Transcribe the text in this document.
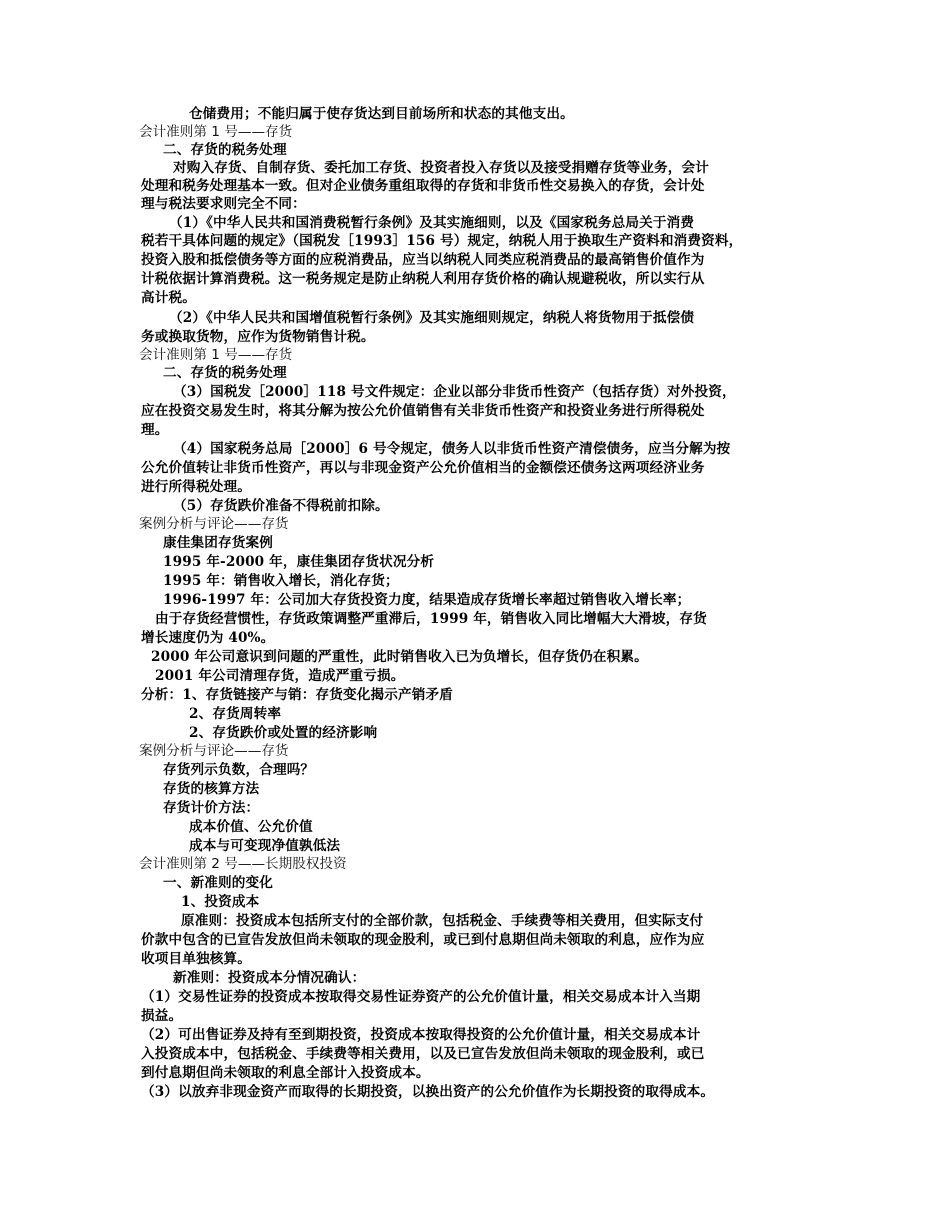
仓储费用；不能归属于使存货达到目前场所和状态的其他支出。
会计准则第 1 号——存货
二、存货的税务处理
对购入存货、自制存货、委托加工存货、投资者投入存货以及接受捐赠存货等业务，会计
处理和税务处理基本一致。但对企业债务重组取得的存货和非货币性交易换入的存货，会计处
理与税法要求则完全不同：
（1）《中华人民共和国消费税暂行条例》及其实施细则，以及《国家税务总局关于消费
税若干具体问题的规定》（国税发［1993］156 号）规定，纳税人用于换取生产资料和消费资料，
投资入股和抵偿债务等方面的应税消费品，应当以纳税人同类应税消费品的最高销售价值作为
计税依据计算消费税。这一税务规定是防止纳税人利用存货价格的确认规避税收，所以实行从
高计税。
（2）《中华人民共和国增值税暂行条例》及其实施细则规定，纳税人将货物用于抵偿债
务或换取货物，应作为货物销售计税。
会计准则第 1 号——存货
二、存货的税务处理
（3）国税发［2000］118 号文件规定：企业以部分非货币性资产（包括存货）对外投资，
应在投资交易发生时，将其分解为按公允价值销售有关非货币性资产和投资业务进行所得税处
理。
（4）国家税务总局［2000］6 号令规定，债务人以非货币性资产清偿债务，应当分解为按
公允价值转让非货币性资产，再以与非现金资产公允价值相当的金额偿还债务这两项经济业务
进行所得税处理。
（5）存货跌价准备不得税前扣除。
案例分析与评论——存货
康佳集团存货案例
1995 年-2000 年，康佳集团存货状况分析
1995 年：销售收入增长，消化存货；
1996-1997 年：公司加大存货投资力度，结果造成存货增长率超过销售收入增长率；
由于存货经营惯性，存货政策调整严重滞后，1999 年，销售收入同比增幅大大滑坡，存货
增长速度仍为 40%。
2000 年公司意识到问题的严重性，此时销售收入已为负增长，但存货仍在积累。
2001 年公司清理存货，造成严重亏损。
分析：1、存货链接产与销：存货变化揭示产销矛盾
2、存货周转率
2、存货跌价或处置的经济影响
案例分析与评论——存货
存货列示负数，合理吗？
存货的核算方法
存货计价方法：
成本价值、公允价值
成本与可变现净值孰低法
会计准则第 2 号——长期股权投资
一、新准则的变化
1、投资成本
原准则：投资成本包括所支付的全部价款，包括税金、手续费等相关费用，但实际支付
价款中包含的已宣告发放但尚未领取的现金股利，或已到付息期但尚未领取的利息，应作为应
收项目单独核算。
新准则：投资成本分情况确认：
（1）交易性证券的投资成本按取得交易性证券资产的公允价值计量，相关交易成本计入当期
损益。
（2）可出售证券及持有至到期投资，投资成本按取得投资的公允价值计量，相关交易成本计
入投资成本中，包括税金、手续费等相关费用，以及已宣告发放但尚未领取的现金股利，或已
到付息期但尚未领取的利息全部计入投资成本。
（3）以放弃非现金资产而取得的长期投资，以换出资产的公允价值作为长期投资的取得成本。
